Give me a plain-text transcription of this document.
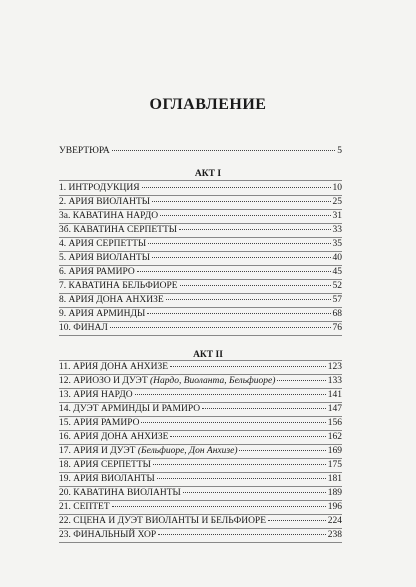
ОГЛАВЛЕНИЕ
УВЕРТЮРА	5
АКТ I
1. ИНТРОДУКЦИЯ	10
2. АРИЯ ВИОЛАНТЫ	25
3а. КАВАТИНА НАРДО	31
3б. КАВАТИНА СЕРПЕТТЫ	33
4. АРИЯ СЕРПЕТТЫ	35
5. АРИЯ ВИОЛАНТЫ	40
6. АРИЯ РАМИРО	45
7. КАВАТИНА БЕЛЬФИОРЕ	52
8. АРИЯ ДОНА АНХИЗЕ	57
9. АРИЯ АРМИНДЫ	68
10. ФИНАЛ	76
АКТ II
11. АРИЯ ДОНА АНХИЗЕ	123
12. АРИОЗО И ДУЭТ (Нардо, Виоланта, Бельфиоре)	133
13. АРИЯ НАРДО	141
14. ДУЭТ АРМИНДЫ И РАМИРО	147
15. АРИЯ РАМИРО	156
16. АРИЯ ДОНА АНХИЗЕ	162
17. АРИЯ И ДУЭТ (Бельфиоре, Дон Анхизе)	169
18. АРИЯ СЕРПЕТТЫ	175
19. АРИЯ ВИОЛАНТЫ	181
20. КАВАТИНА ВИОЛАНТЫ	189
21. СЕПТЕТ	196
22. СЦЕНА И ДУЭТ ВИОЛАНТЫ И БЕЛЬФИОРЕ	224
23. ФИНАЛЬНЫЙ ХОР	238
